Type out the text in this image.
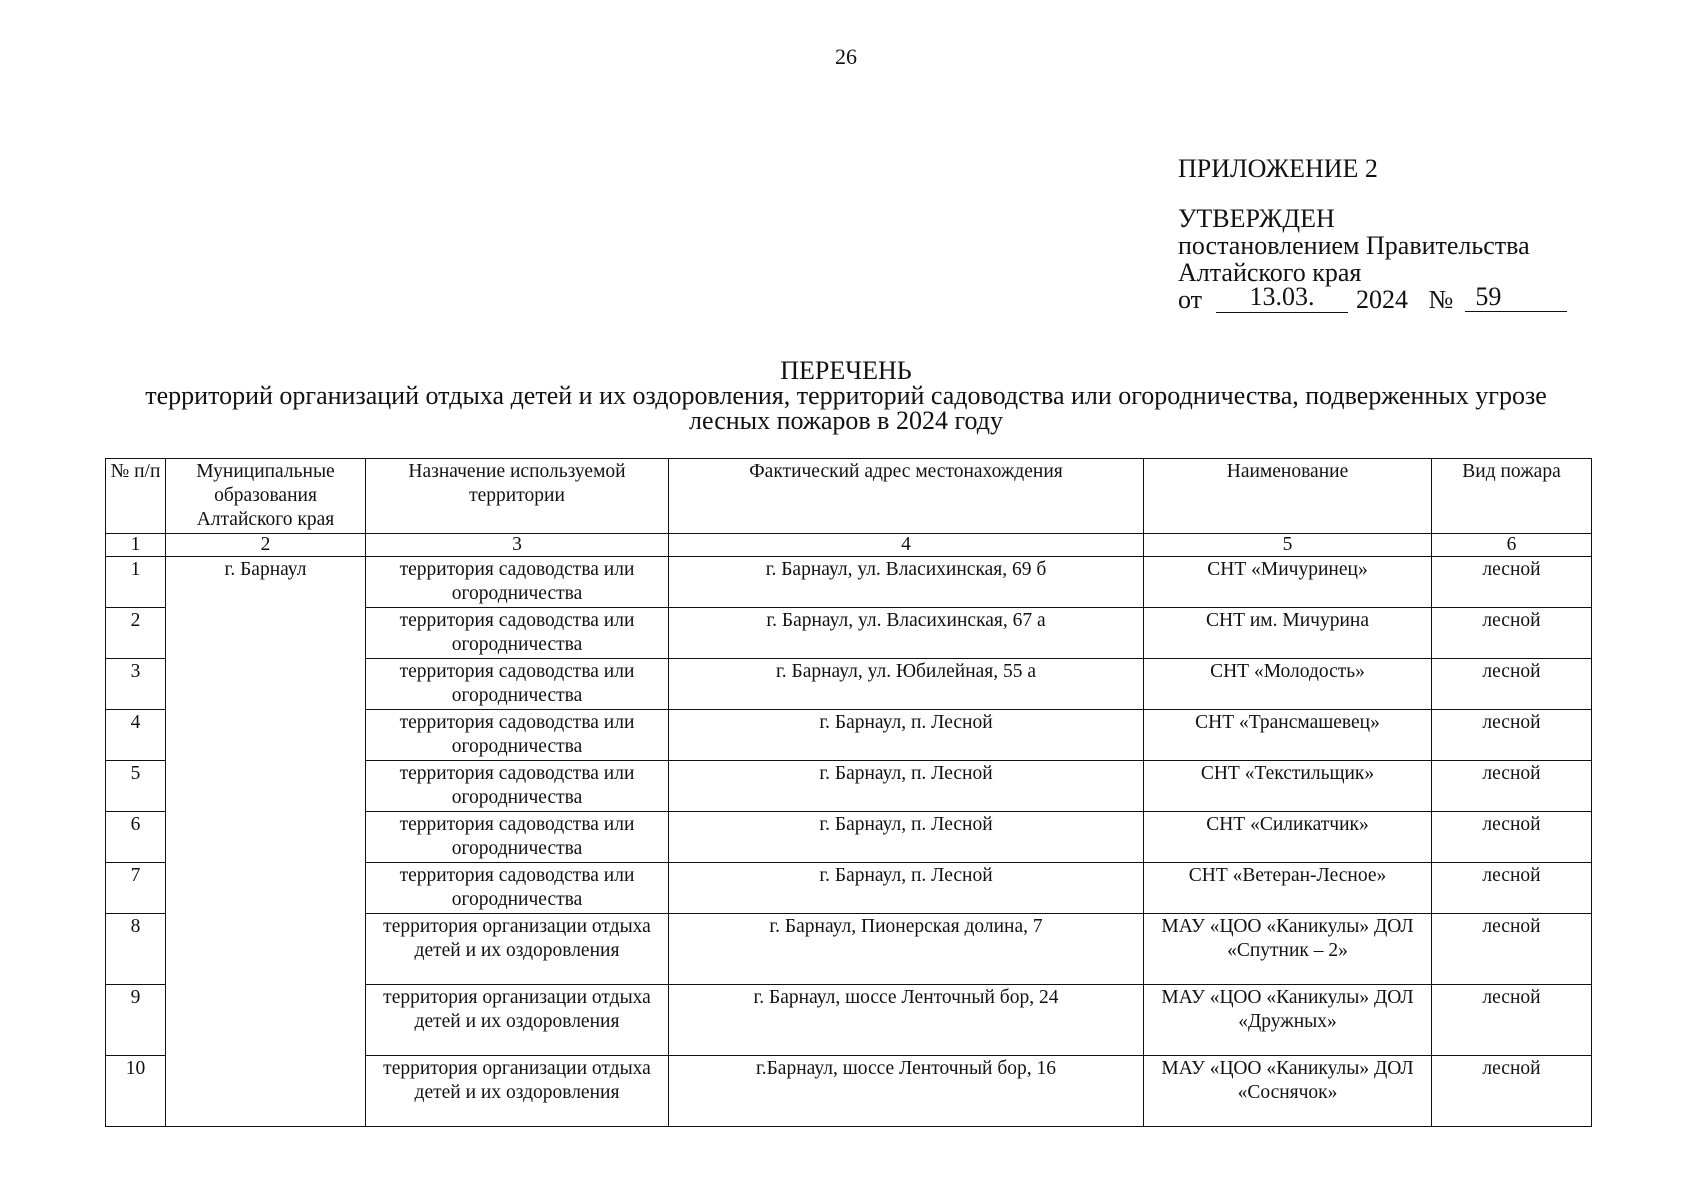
26
ПРИЛОЖЕНИЕ 2
УТВЕРЖДЕН
постановлением Правительства
Алтайского края
от 13.03. 2024 № 59
ПЕРЕЧЕНЬ
территорий организаций отдыха детей и их оздоровления, территорий садоводства или огородничества, подверженных угрозе лесных пожаров в 2024 году
№ п/п	Муниципальные образования Алтайского края	Назначение используемой территории	Фактический адрес местонахождения	Наименование	Вид пожара
1	2	3	4	5	6
1	г. Барнаул	территория садоводства или огородничества	г. Барнаул, ул. Власихинская, 69 б	СНТ «Мичуринец»	лесной
2		территория садоводства или огородничества	г. Барнаул, ул. Власихинская, 67 а	СНТ им. Мичурина	лесной
3		территория садоводства или огородничества	г. Барнаул, ул. Юбилейная, 55 а	СНТ «Молодость»	лесной
4		территория садоводства или огородничества	г. Барнаул, п. Лесной	СНТ «Трансмашевец»	лесной
5		территория садоводства или огородничества	г. Барнаул, п. Лесной	СНТ «Текстильщик»	лесной
6		территория садоводства или огородничества	г. Барнаул, п. Лесной	СНТ «Силикатчик»	лесной
7		территория садоводства или огородничества	г. Барнаул, п. Лесной	СНТ «Ветеран-Лесное»	лесной
8		территория организации отдыха детей и их оздоровления	г. Барнаул, Пионерская долина, 7	МАУ «ЦОО «Каникулы» ДОЛ «Спутник – 2»	лесной
9		территория организации отдыха детей и их оздоровления	г. Барнаул, шоссе Ленточный бор, 24	МАУ «ЦОО «Каникулы» ДОЛ «Дружных»	лесной
10		территория организации отдыха детей и их оздоровления	г.Барнаул, шоссе Ленточный бор, 16	МАУ «ЦОО «Каникулы» ДОЛ «Соснячок»	лесной
